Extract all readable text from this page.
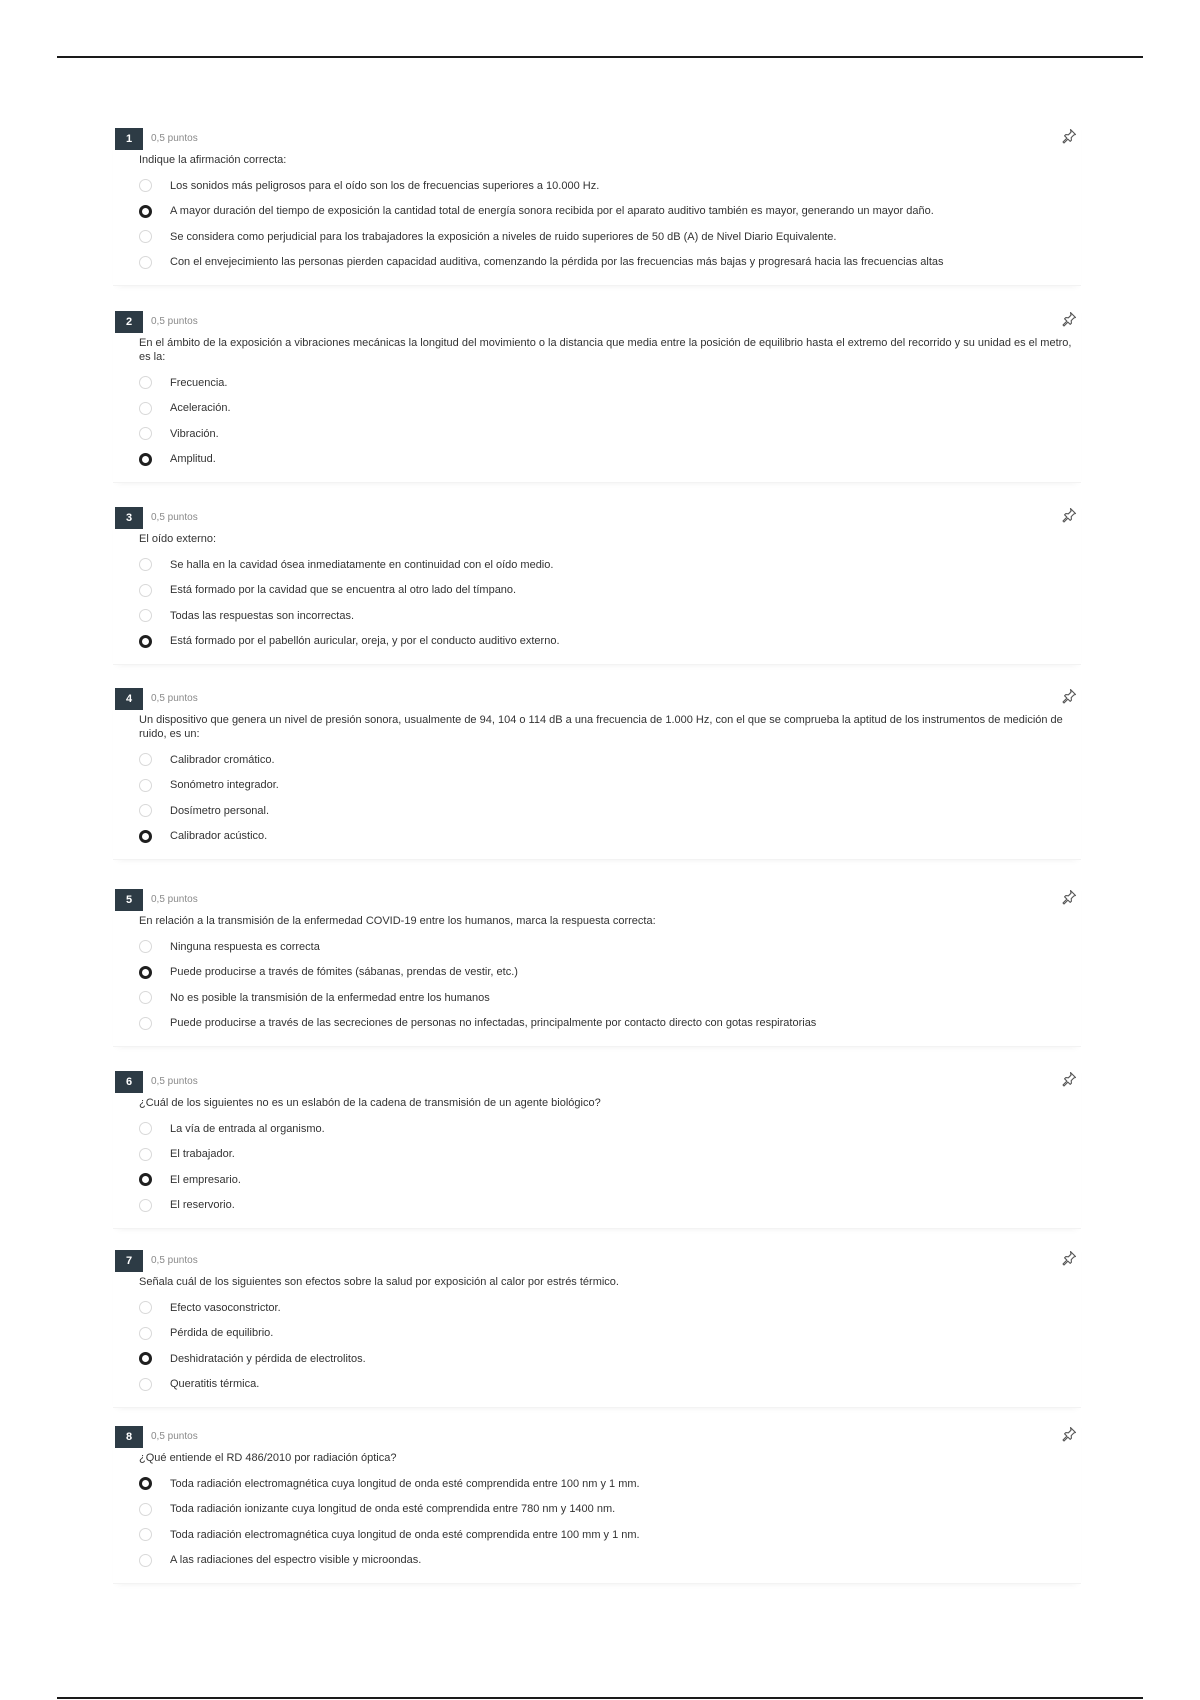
1	0,5 puntos
Indique la afirmación correcta:
Los sonidos más peligrosos para el oído son los de frecuencias superiores a 10.000 Hz.
A mayor duración del tiempo de exposición la cantidad total de energía sonora recibida por el aparato auditivo también es mayor, generando un mayor daño.
Se considera como perjudicial para los trabajadores la exposición a niveles de ruido superiores de 50 dB (A) de Nivel Diario Equivalente.
Con el envejecimiento las personas pierden capacidad auditiva, comenzando la pérdida por las frecuencias más bajas y progresará hacia las frecuencias altas
2	0,5 puntos
En el ámbito de la exposición a vibraciones mecánicas la longitud del movimiento o la distancia que media entre la posición de equilibrio hasta el extremo del recorrido y su unidad es el metro, es la:
Frecuencia.
Aceleración.
Vibración.
Amplitud.
3	0,5 puntos
El oído externo:
Se halla en la cavidad ósea inmediatamente en continuidad con el oído medio.
Está formado por la cavidad que se encuentra al otro lado del tímpano.
Todas las respuestas son incorrectas.
Está formado por el pabellón auricular, oreja, y por el conducto auditivo externo.
4	0,5 puntos
Un dispositivo que genera un nivel de presión sonora, usualmente de 94, 104 o 114 dB a una frecuencia de 1.000 Hz, con el que se comprueba la aptitud de los instrumentos de medición de ruido, es un:
Calibrador cromático.
Sonómetro integrador.
Dosímetro personal.
Calibrador acústico.
5	0,5 puntos
En relación a la transmisión de la enfermedad COVID-19 entre los humanos, marca la respuesta correcta:
Ninguna respuesta es correcta
Puede producirse a través de fómites (sábanas, prendas de vestir, etc.)
No es posible la transmisión de la enfermedad entre los humanos
Puede producirse a través de las secreciones de personas no infectadas, principalmente por contacto directo con gotas respiratorias
6	0,5 puntos
¿Cuál de los siguientes no es un eslabón de la cadena de transmisión de un agente biológico?
La vía de entrada al organismo.
El trabajador.
El empresario.
El reservorio.
7	0,5 puntos
Señala cuál de los siguientes son efectos sobre la salud por exposición al calor por estrés térmico.
Efecto vasoconstrictor.
Pérdida de equilibrio.
Deshidratación y pérdida de electrolitos.
Queratitis térmica.
8	0,5 puntos
¿Qué entiende el RD 486/2010 por radiación óptica?
Toda radiación electromagnética cuya longitud de onda esté comprendida entre 100 nm y 1 mm.
Toda radiación ionizante cuya longitud de onda esté comprendida entre 780 nm y 1400 nm.
Toda radiación electromagnética cuya longitud de onda esté comprendida entre 100 mm y 1 nm.
A las radiaciones del espectro visible y microondas.
